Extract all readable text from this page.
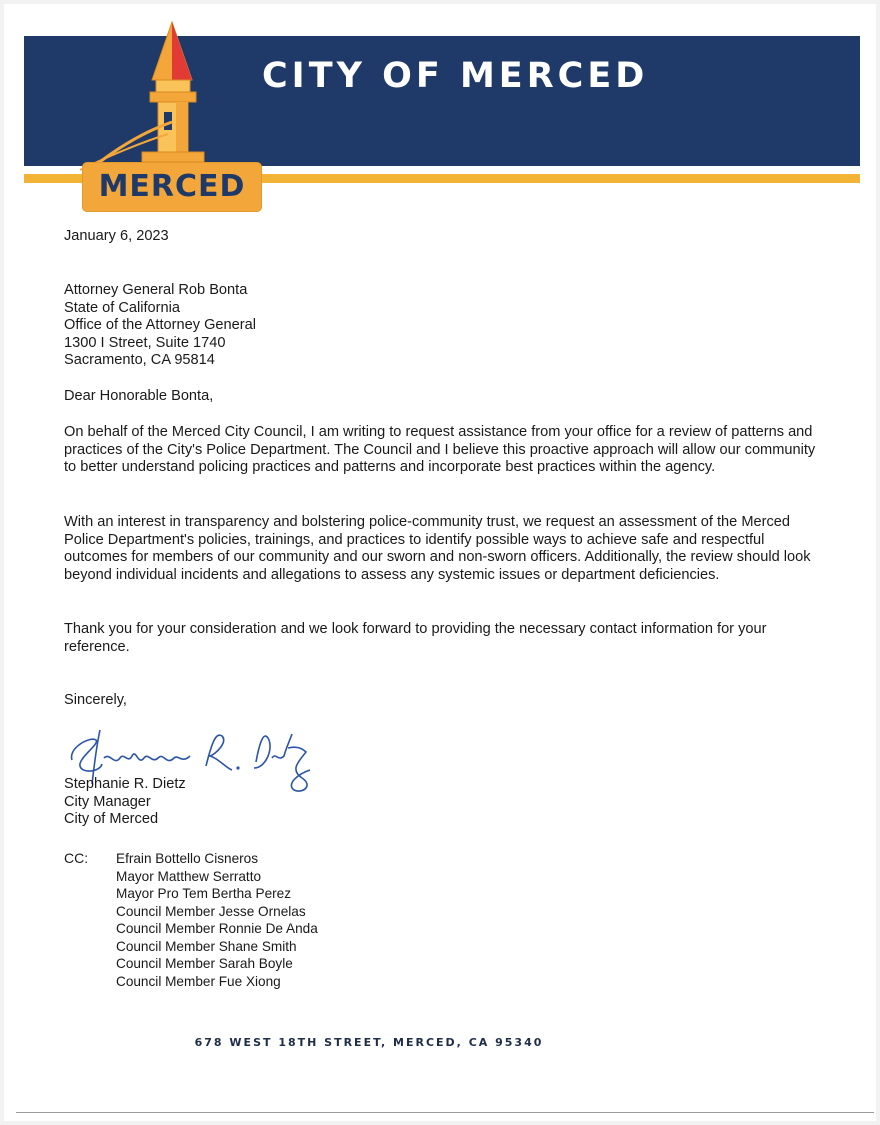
CITY OF MERCED
MERCED
January 6, 2023
Attorney General Rob Bonta
State of California
Office of the Attorney General
1300 I Street, Suite 1740
Sacramento, CA 95814
Dear Honorable Bonta,
On behalf of the Merced City Council, I am writing to request assistance from your office for a review of patterns and practices of the City's Police Department. The Council and I believe this proactive approach will allow our community to better understand policing practices and patterns and incorporate best practices within the agency.
With an interest in transparency and bolstering police-community trust, we request an assessment of the Merced Police Department's policies, trainings, and practices to identify possible ways to achieve safe and respectful outcomes for members of our community and our sworn and non-sworn officers. Additionally, the review should look beyond individual incidents and allegations to assess any systemic issues or department deficiencies.
Thank you for your consideration and we look forward to providing the necessary contact information for your reference.
Sincerely,
Stephanie R. Dietz
City Manager
City of Merced
CC: Efrain Bottello Cisneros
Mayor Matthew Serratto
Mayor Pro Tem Bertha Perez
Council Member Jesse Ornelas
Council Member Ronnie De Anda
Council Member Shane Smith
Council Member Sarah Boyle
Council Member Fue Xiong
678 WEST 18TH STREET, MERCED, CA 95340
